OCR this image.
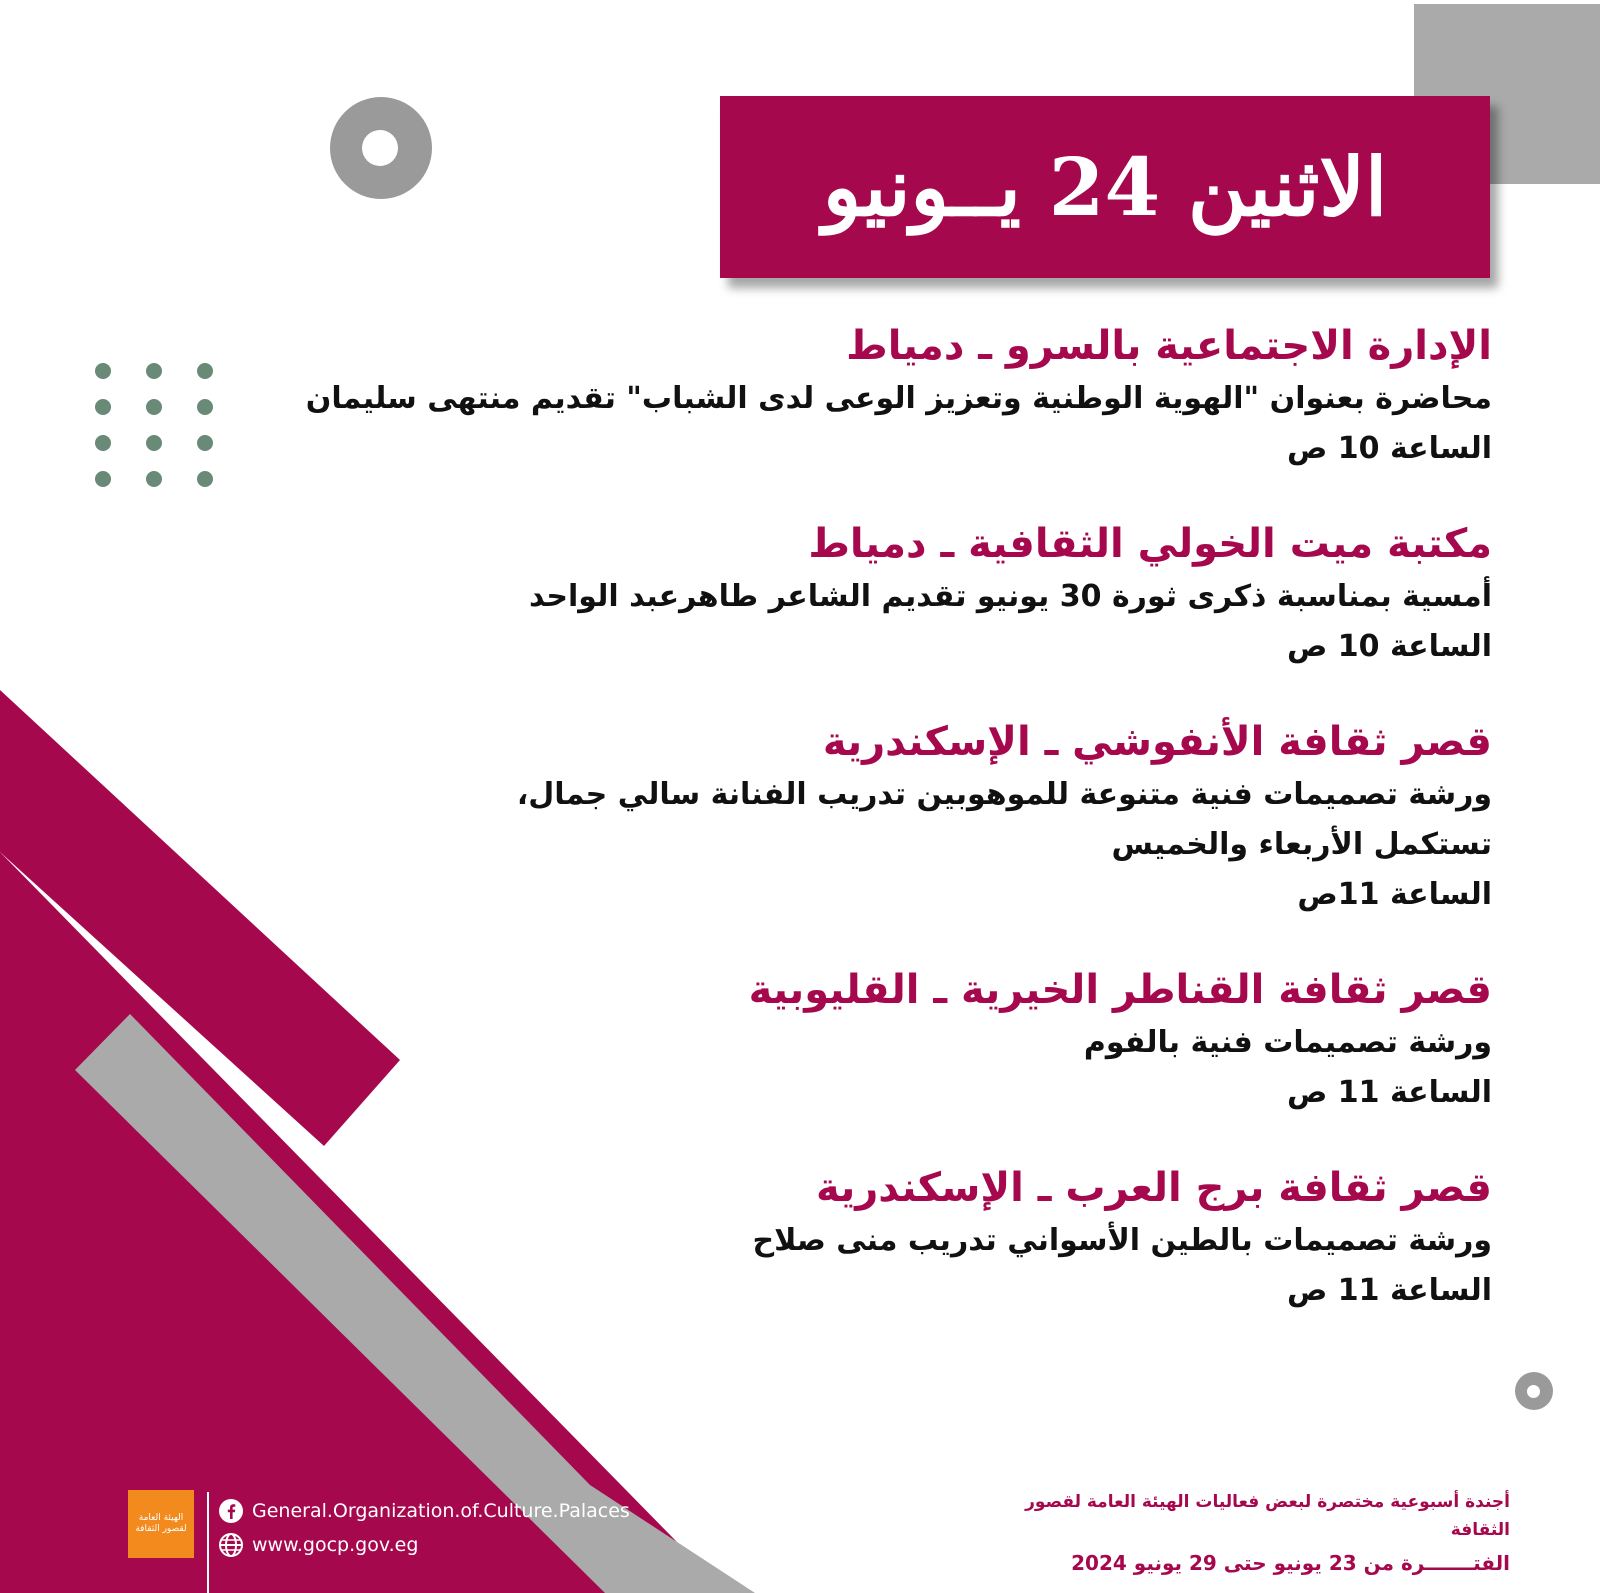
الاثنين 24 يــونيو
الإدارة الاجتماعية بالسرو ـ دمياط
محاضرة بعنوان "الهوية الوطنية وتعزيز الوعى لدى الشباب" تقديم منتهى سليمان
الساعة 10 ص
مكتبة ميت الخولي الثقافية ـ دمياط
أمسية بمناسبة ذكرى ثورة 30 يونيو تقديم الشاعر طاهرعبد الواحد
الساعة 10 ص
قصر ثقافة الأنفوشي ـ الإسكندرية
ورشة تصميمات فنية متنوعة للموهوبين تدريب الفنانة سالي جمال، تستكمل الأربعاء والخميس
الساعة 11ص
قصر ثقافة القناطر الخيرية ـ القليوبية
ورشة تصميمات فنية بالفوم
الساعة 11 ص
قصر ثقافة برج العرب ـ الإسكندرية
ورشة تصميمات بالطين الأسواني تدريب منى صلاح
الساعة 11 ص
أجندة أسبوعية مختصرة لبعض فعاليات الهيئة العامة لقصور الثقافة
الفتـــــــرة من 23 يونيو حتى 29 يونيو 2024
الهيئة العامة لقصور الثقافة
General.Organization.of.Culture.Palaces
www.gocp.gov.eg
